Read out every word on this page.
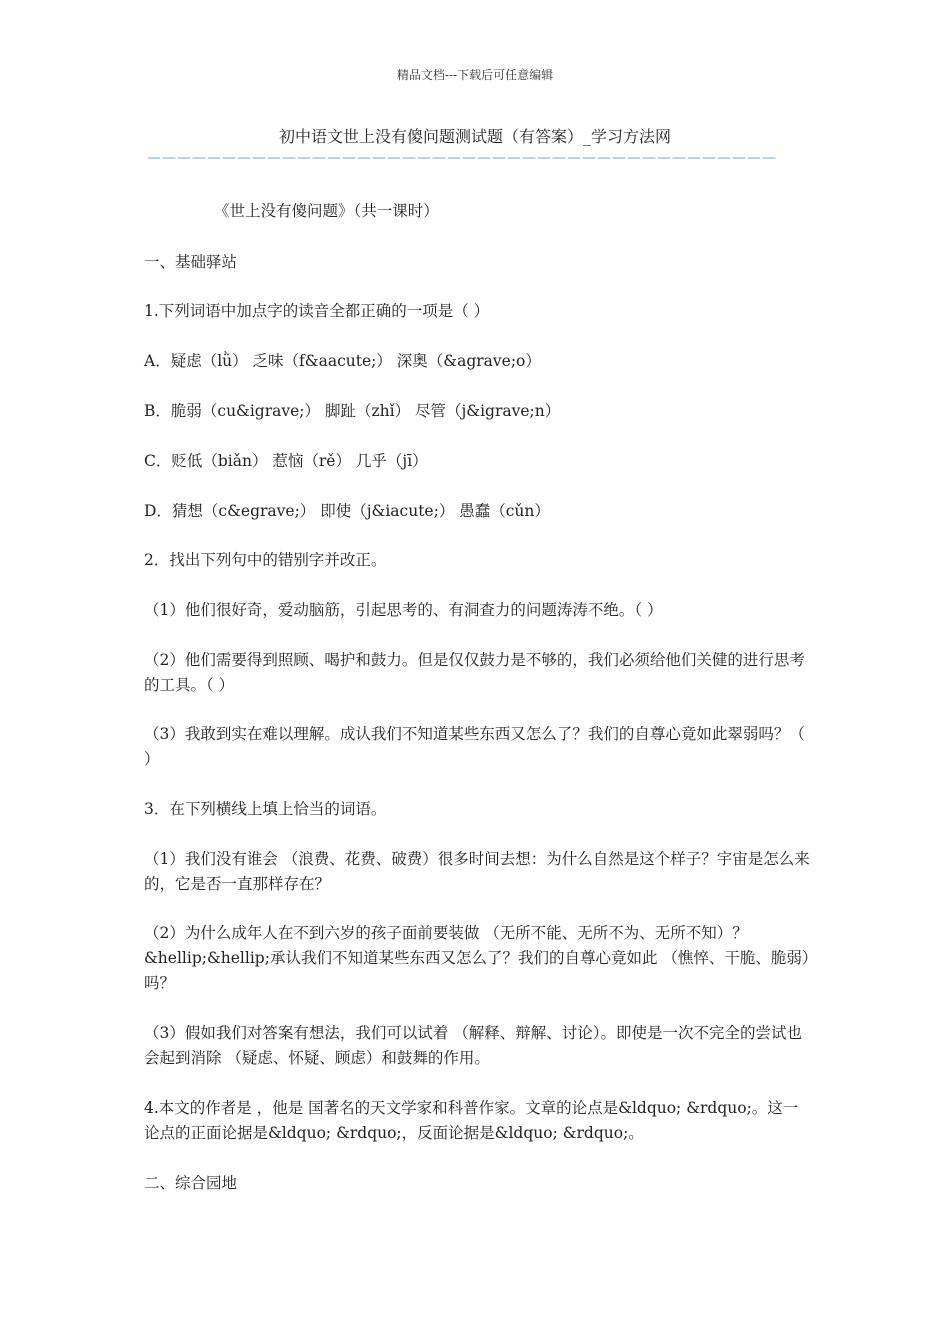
精品文档---下载后可任意编辑
初中语文世上没有傻问题测试题（有答案）_学习方法网
——————————————————————————————————————————
《世上没有傻问题》（共一课时）
一、基础驿站
1.下列词语中加点字的读音全都正确的一项是（ ）
A．疑虑（lǜ） 乏味（f&aacute;） 深奥（&agrave;o）
B．脆弱（cu&igrave;） 脚趾（zhǐ） 尽管（j&igrave;n）
C．贬低（biǎn） 惹恼（rě） 几乎（jī）
D．猜想（c&egrave;） 即使（j&iacute;） 愚蠢（cǔn）
2．找出下列句中的错别字并改正。
（1）他们很好奇，爱动脑筋，引起思考的、有洞查力的问题涛涛不绝。（ ）
（2）他们需要得到照顾、喝护和鼓力。但是仅仅鼓力是不够的，我们必须给他们关健的进行思考的工具。（ ）
（3）我敢到实在难以理解。成认我们不知道某些东西又怎么了？我们的自尊心竟如此翠弱吗？（ ）
3．在下列横线上填上恰当的词语。
（1）我们没有谁会 （浪费、花费、破费）很多时间去想：为什么自然是这个样子？宇宙是怎么来的，它是否一直那样存在？
（2）为什么成年人在不到六岁的孩子面前要装做 （无所不能、无所不为、无所不知）？&hellip;&hellip;承认我们不知道某些东西又怎么了？我们的自尊心竟如此 （憔悴、干脆、脆弱）吗？
（3）假如我们对答案有想法，我们可以试着 （解释、辩解、讨论）。即使是一次不完全的尝试也会起到消除 （疑虑、怀疑、顾虑）和鼓舞的作用。
4.本文的作者是 ，他是 国著名的天文学家和科普作家。文章的论点是&ldquo; &rdquo;。这一论点的正面论据是&ldquo; &rdquo;，反面论据是&ldquo; &rdquo;。
二、综合园地
